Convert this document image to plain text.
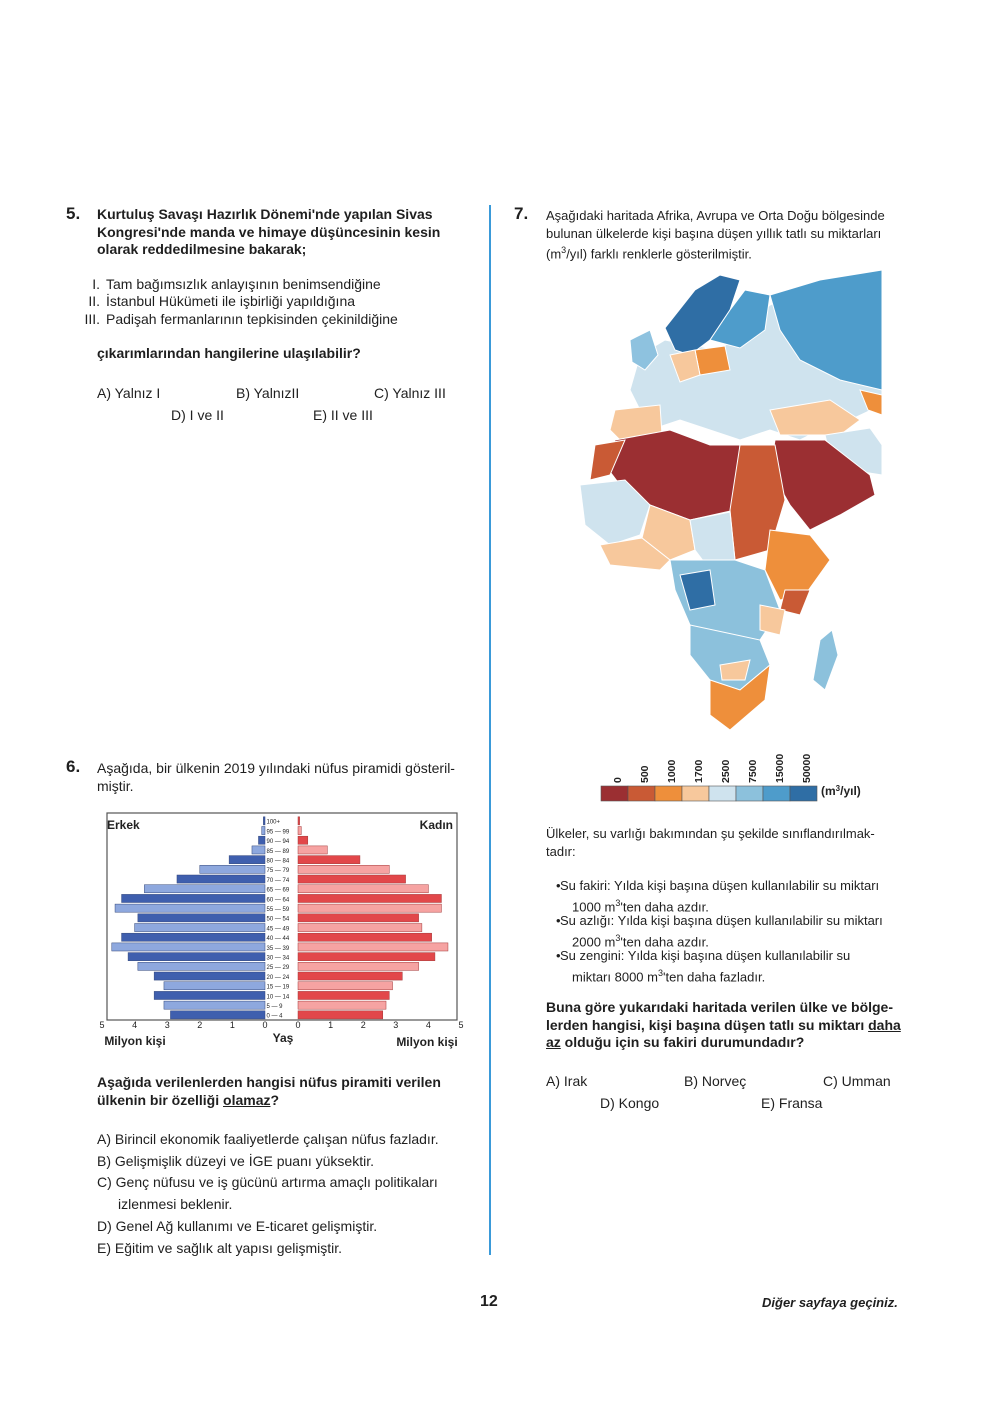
5. Kurtuluş Savaşı Hazırlık Dönemi'nde yapılan Sivas
Kongresi'nde manda ve himaye düşüncesinin kesin
olarak reddedilmesine bakarak;
I. Tam bağımsızlık anlayışının benimsendiğine
II. İstanbul Hükümeti ile işbirliği yapıldığına
III. Padişah fermanlarının tepkisinden çekinildiğine
çıkarımlarından hangilerine ulaşılabilir?
A) Yalnız I	B) YalnızII	C) Yalnız III
D) I ve II	E) II ve III
6. Aşağıda, bir ülkenin 2019 yılındaki nüfus piramidi gösteril-
miştir.
Erkek	Kadın
100+
95 — 99
90 — 94
85 — 89
80 — 84
75 — 79
70 — 74
65 — 69
60 — 64
55 — 59
50 — 54
45 — 49
40 — 44
35 — 39
30 — 34
25 — 29
20 — 24
15 — 19
10 — 14
5 — 9
0 — 4
5	4	3	2	1	0	0	1	2	3	4	5
Milyon kişi	Yaş	Milyon kişi
Aşağıda verilenlerden hangisi nüfus piramiti verilen
ülkenin bir özelliği olamaz?
A) Birincil ekonomik faaliyetlerde çalışan nüfus fazladır.
B) Gelişmişlik düzeyi ve İGE puanı yüksektir.
C) Genç nüfusu ve iş gücünü artırma amaçlı politikaları
izlenmesi beklenir.
D) Genel Ağ kullanımı ve E-ticaret gelişmiştir.
E) Eğitim ve sağlık alt yapısı gelişmiştir.
7. Aşağıdaki haritada Afrika, Avrupa ve Orta Doğu bölgesinde
bulunan ülkelerde kişi başına düşen yıllık tatlı su miktarları
$(m^3/yıl)$ farklı renklerle gösterilmiştir.
0 500 1000 1700 2500 7500 15000 50000
$(m^3/yıl)$
Ülkeler, su varlığı bakımından şu şekilde sınıflandırılmak-
tadır:
• Su fakiri: Yılda kişi başına düşen kullanılabilir su miktarı
1000 $m^3'ten$ daha azdır.
• Su azlığı: Yılda kişi başına düşen kullanılabilir su miktarı
2000 $m^3'ten$ daha azdır.
• Su zengini: Yılda kişi başına düşen kullanılabilir su
miktarı 8000 $m^3'ten$ daha fazladır.
Buna göre yukarıdaki haritada verilen ülke ve bölge-
lerden hangisi, kişi başına düşen tatlı su miktarı daha
az olduğu için su fakiri durumundadır?
A) Irak	B) Norveç	C) Umman
D) Kongo	E) Fransa
12	Diğer sayfaya geçiniz.
